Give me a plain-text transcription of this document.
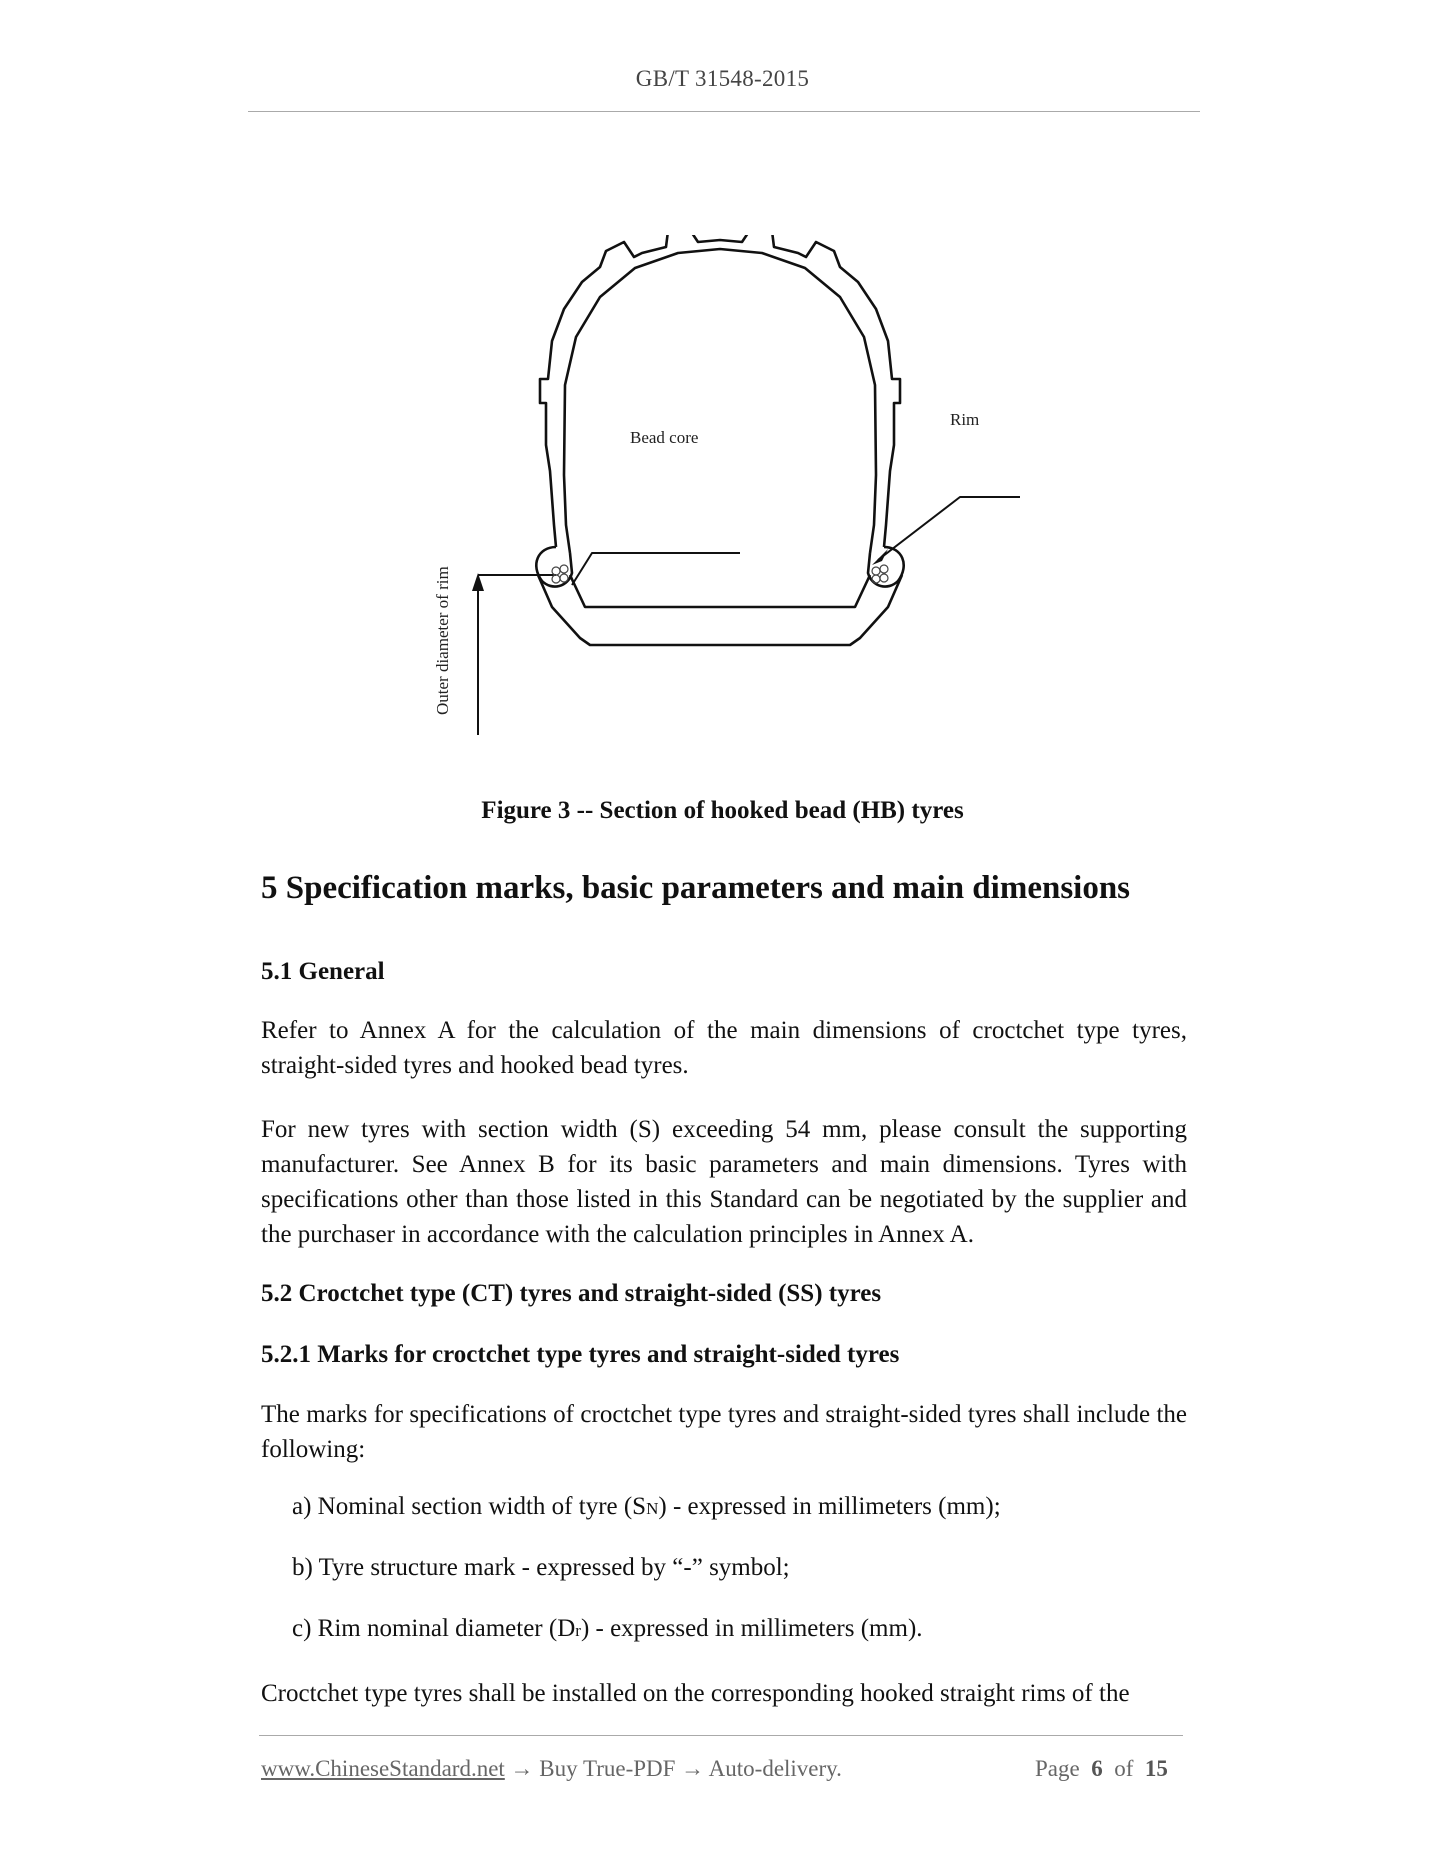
GB/T 31548-2015
Bead core
Rim
Outer diameter of rim
Figure 3 -- Section of hooked bead (HB) tyres
5 Specification marks, basic parameters and main dimensions
5.1 General
Refer to Annex A for the calculation of the main dimensions of croctchet type tyres, straight-sided tyres and hooked bead tyres.
For new tyres with section width (S) exceeding 54 mm, please consult the supporting manufacturer. See Annex B for its basic parameters and main dimensions. Tyres with specifications other than those listed in this Standard can be negotiated by the supplier and the purchaser in accordance with the calculation principles in Annex A.
5.2 Croctchet type (CT) tyres and straight-sided (SS) tyres
5.2.1 Marks for croctchet type tyres and straight-sided tyres
The marks for specifications of croctchet type tyres and straight-sided tyres shall include the following:
a) Nominal section width of tyre (SN) - expressed in millimeters (mm);
b) Tyre structure mark - expressed by “-” symbol;
c) Rim nominal diameter (Dr) - expressed in millimeters (mm).
Croctchet type tyres shall be installed on the corresponding hooked straight rims of the
www.ChineseStandard.net → Buy True-PDF → Auto-delivery.	Page 6 of 15
